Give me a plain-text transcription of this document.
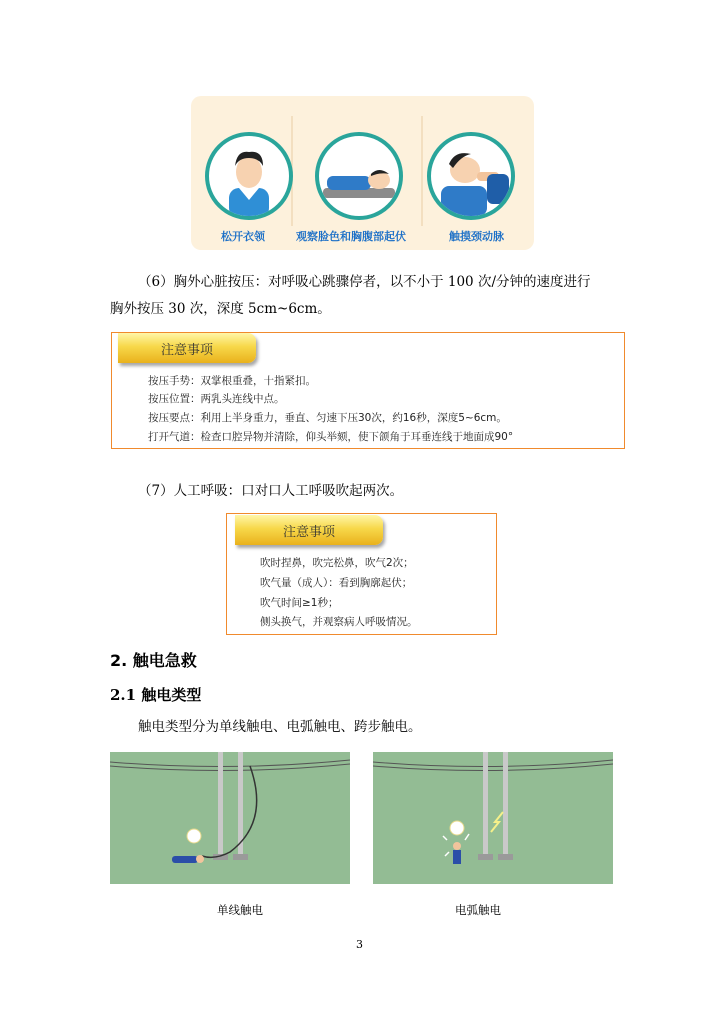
松开衣领	观察脸色和胸腹部起伏	触摸颈动脉
（6）胸外心脏按压：对呼吸心跳骤停者，以不小于 100 次/分钟的速度进行
胸外按压 30 次，深度 5cm~6cm。
注意事项
按压手势：双掌根重叠，十指紧扣。
按压位置：两乳头连线中点。
按压要点：利用上半身重力，垂直、匀速下压30次，约16秒，深度5~6cm。
打开气道：检查口腔异物并清除，仰头举颏，使下颌角于耳垂连线于地面成90°
（7）人工呼吸：口对口人工呼吸吹起两次。
注意事项
吹时捏鼻，吹完松鼻，吹气2次；
吹气量（成人）：看到胸廓起伏；
吹气时间≥1秒；
侧头换气，并观察病人呼吸情况。
2. 触电急救
2.1 触电类型
触电类型分为单线触电、电弧触电、跨步触电。
单线触电	电弧触电
3
